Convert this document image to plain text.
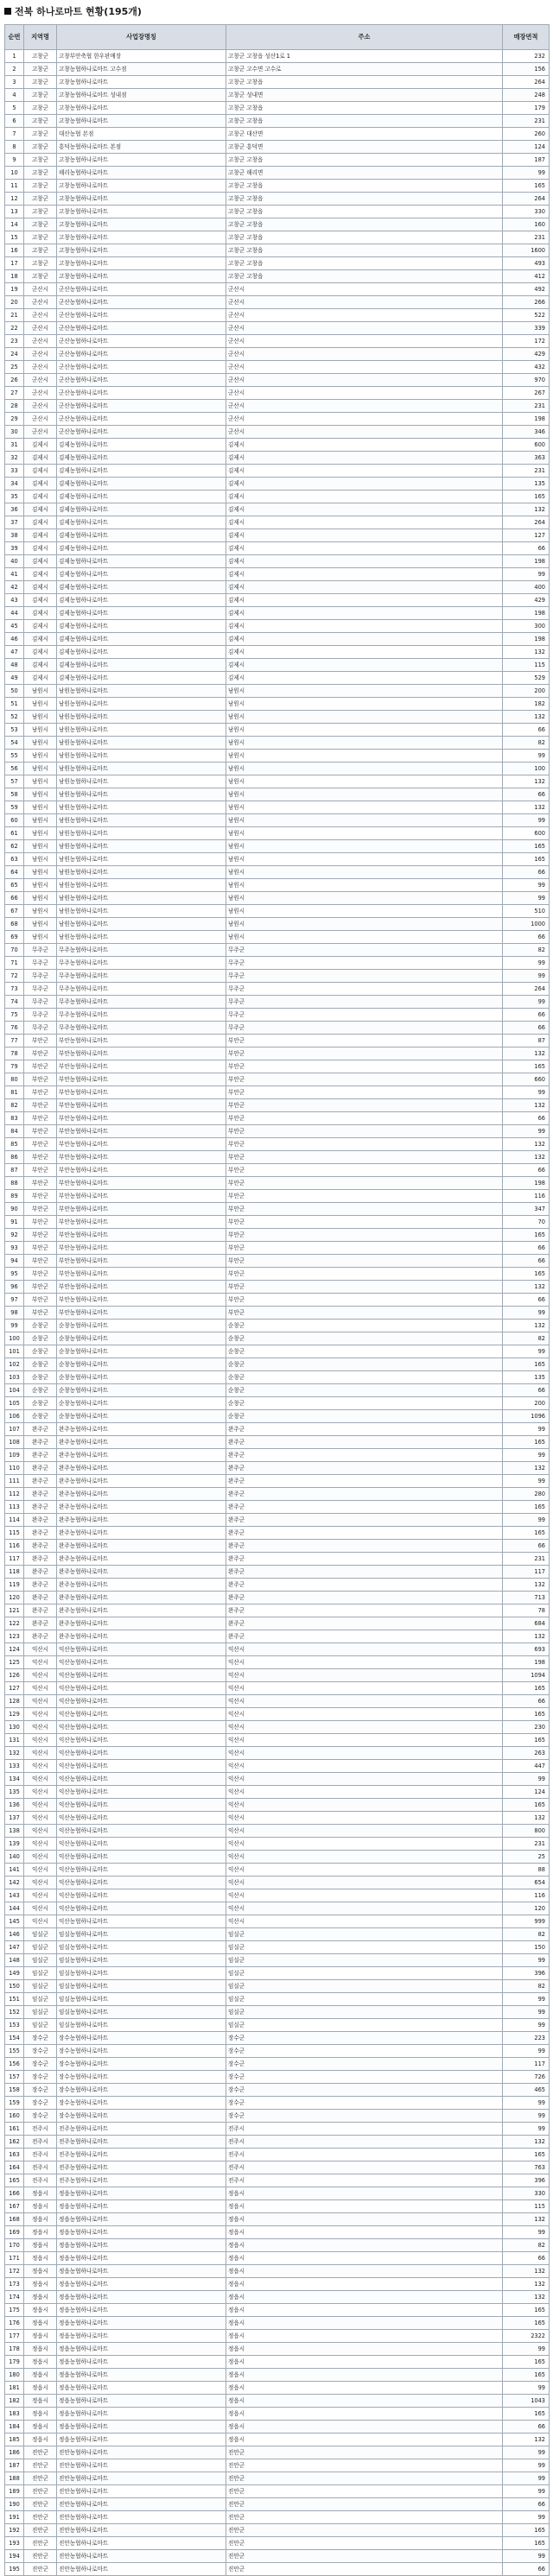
전북 하나로마트 현황(195개)
순번	지역명	사업장명칭	주소	매장면적
1	고창군	고창부안축협 한우판매장	고창군 고창읍 성산1로 1	232
2	고창군	고창농협하나로마트 고수점	고창군 고수면 고수로	156
3	고창군	고창농협하나로마트	고창군 고창읍	264
4	고창군	고창농협하나로마트 성내점	고창군 성내면	248
5	고창군	고창농협하나로마트	고창군 고창읍	179
6	고창군	고창농협하나로마트	고창군 고창읍	231
7	고창군	대산농협 본점	고창군 대산면	260
8	고창군	흥덕농협하나로마트 본점	고창군 흥덕면	124
9	고창군	고창농협하나로마트	고창군 고창읍	187
10	고창군	해리농협하나로마트	고창군 해리면	99
11	고창군	고창농협하나로마트	고창군 고창읍	165
12	고창군	고창농협하나로마트	고창군 고창읍	264
13	고창군	고창농협하나로마트	고창군 고창읍	330
14	고창군	고창농협하나로마트	고창군 고창읍	160
15	고창군	고창농협하나로마트	고창군 고창읍	231
16	고창군	고창농협하나로마트	고창군 고창읍	1600
17	고창군	고창농협하나로마트	고창군 고창읍	493
18	고창군	고창농협하나로마트	고창군 고창읍	412
19	군산시	군산농협하나로마트	군산시	492
20	군산시	군산농협하나로마트	군산시	266
21	군산시	군산농협하나로마트	군산시	522
22	군산시	군산농협하나로마트	군산시	339
23	군산시	군산농협하나로마트	군산시	172
24	군산시	군산농협하나로마트	군산시	429
25	군산시	군산농협하나로마트	군산시	432
26	군산시	군산농협하나로마트	군산시	970
27	군산시	군산농협하나로마트	군산시	267
28	군산시	군산농협하나로마트	군산시	231
29	군산시	군산농협하나로마트	군산시	198
30	군산시	군산농협하나로마트	군산시	346
31	김제시	김제농협하나로마트	김제시	600
32	김제시	김제농협하나로마트	김제시	363
33	김제시	김제농협하나로마트	김제시	231
34	김제시	김제농협하나로마트	김제시	135
35	김제시	김제농협하나로마트	김제시	165
36	김제시	김제농협하나로마트	김제시	132
37	김제시	김제농협하나로마트	김제시	264
38	김제시	김제농협하나로마트	김제시	127
39	김제시	김제농협하나로마트	김제시	66
40	김제시	김제농협하나로마트	김제시	198
41	김제시	김제농협하나로마트	김제시	99
42	김제시	김제농협하나로마트	김제시	400
43	김제시	김제농협하나로마트	김제시	429
44	김제시	김제농협하나로마트	김제시	198
45	김제시	김제농협하나로마트	김제시	300
46	김제시	김제농협하나로마트	김제시	198
47	김제시	김제농협하나로마트	김제시	132
48	김제시	김제농협하나로마트	김제시	115
49	김제시	김제농협하나로마트	김제시	529
50	남원시	남원농협하나로마트	남원시	200
51	남원시	남원농협하나로마트	남원시	182
52	남원시	남원농협하나로마트	남원시	132
53	남원시	남원농협하나로마트	남원시	66
54	남원시	남원농협하나로마트	남원시	82
55	남원시	남원농협하나로마트	남원시	99
56	남원시	남원농협하나로마트	남원시	100
57	남원시	남원농협하나로마트	남원시	132
58	남원시	남원농협하나로마트	남원시	66
59	남원시	남원농협하나로마트	남원시	132
60	남원시	남원농협하나로마트	남원시	99
61	남원시	남원농협하나로마트	남원시	600
62	남원시	남원농협하나로마트	남원시	165
63	남원시	남원농협하나로마트	남원시	165
64	남원시	남원농협하나로마트	남원시	66
65	남원시	남원농협하나로마트	남원시	99
66	남원시	남원농협하나로마트	남원시	99
67	남원시	남원농협하나로마트	남원시	510
68	남원시	남원농협하나로마트	남원시	1000
69	남원시	남원농협하나로마트	남원시	66
70	무주군	무주농협하나로마트	무주군	82
71	무주군	무주농협하나로마트	무주군	99
72	무주군	무주농협하나로마트	무주군	99
73	무주군	무주농협하나로마트	무주군	264
74	무주군	무주농협하나로마트	무주군	99
75	무주군	무주농협하나로마트	무주군	66
76	무주군	무주농협하나로마트	무주군	66
77	부안군	부안농협하나로마트	부안군	87
78	부안군	부안농협하나로마트	부안군	132
79	부안군	부안농협하나로마트	부안군	165
80	부안군	부안농협하나로마트	부안군	660
81	부안군	부안농협하나로마트	부안군	99
82	부안군	부안농협하나로마트	부안군	132
83	부안군	부안농협하나로마트	부안군	66
84	부안군	부안농협하나로마트	부안군	99
85	부안군	부안농협하나로마트	부안군	132
86	부안군	부안농협하나로마트	부안군	132
87	부안군	부안농협하나로마트	부안군	66
88	부안군	부안농협하나로마트	부안군	198
89	부안군	부안농협하나로마트	부안군	116
90	부안군	부안농협하나로마트	부안군	347
91	부안군	부안농협하나로마트	부안군	70
92	부안군	부안농협하나로마트	부안군	165
93	부안군	부안농협하나로마트	부안군	66
94	부안군	부안농협하나로마트	부안군	66
95	부안군	부안농협하나로마트	부안군	165
96	부안군	부안농협하나로마트	부안군	132
97	부안군	부안농협하나로마트	부안군	66
98	부안군	부안농협하나로마트	부안군	99
99	순창군	순창농협하나로마트	순창군	132
100	순창군	순창농협하나로마트	순창군	82
101	순창군	순창농협하나로마트	순창군	99
102	순창군	순창농협하나로마트	순창군	165
103	순창군	순창농협하나로마트	순창군	135
104	순창군	순창농협하나로마트	순창군	66
105	순창군	순창농협하나로마트	순창군	200
106	순창군	순창농협하나로마트	순창군	1096
107	완주군	완주농협하나로마트	완주군	99
108	완주군	완주농협하나로마트	완주군	165
109	완주군	완주농협하나로마트	완주군	99
110	완주군	완주농협하나로마트	완주군	132
111	완주군	완주농협하나로마트	완주군	99
112	완주군	완주농협하나로마트	완주군	280
113	완주군	완주농협하나로마트	완주군	165
114	완주군	완주농협하나로마트	완주군	99
115	완주군	완주농협하나로마트	완주군	165
116	완주군	완주농협하나로마트	완주군	66
117	완주군	완주농협하나로마트	완주군	231
118	완주군	완주농협하나로마트	완주군	117
119	완주군	완주농협하나로마트	완주군	132
120	완주군	완주농협하나로마트	완주군	713
121	완주군	완주농협하나로마트	완주군	78
122	완주군	완주농협하나로마트	완주군	684
123	완주군	완주농협하나로마트	완주군	132
124	익산시	익산농협하나로마트	익산시	693
125	익산시	익산농협하나로마트	익산시	198
126	익산시	익산농협하나로마트	익산시	1094
127	익산시	익산농협하나로마트	익산시	165
128	익산시	익산농협하나로마트	익산시	66
129	익산시	익산농협하나로마트	익산시	165
130	익산시	익산농협하나로마트	익산시	230
131	익산시	익산농협하나로마트	익산시	165
132	익산시	익산농협하나로마트	익산시	263
133	익산시	익산농협하나로마트	익산시	447
134	익산시	익산농협하나로마트	익산시	99
135	익산시	익산농협하나로마트	익산시	124
136	익산시	익산농협하나로마트	익산시	165
137	익산시	익산농협하나로마트	익산시	132
138	익산시	익산농협하나로마트	익산시	800
139	익산시	익산농협하나로마트	익산시	231
140	익산시	익산농협하나로마트	익산시	25
141	익산시	익산농협하나로마트	익산시	88
142	익산시	익산농협하나로마트	익산시	654
143	익산시	익산농협하나로마트	익산시	116
144	익산시	익산농협하나로마트	익산시	120
145	익산시	익산농협하나로마트	익산시	999
146	임실군	임실농협하나로마트	임실군	82
147	임실군	임실농협하나로마트	임실군	150
148	임실군	임실농협하나로마트	임실군	99
149	임실군	임실농협하나로마트	임실군	396
150	임실군	임실농협하나로마트	임실군	82
151	임실군	임실농협하나로마트	임실군	99
152	임실군	임실농협하나로마트	임실군	99
153	임실군	임실농협하나로마트	임실군	99
154	장수군	장수농협하나로마트	장수군	223
155	장수군	장수농협하나로마트	장수군	99
156	장수군	장수농협하나로마트	장수군	117
157	장수군	장수농협하나로마트	장수군	726
158	장수군	장수농협하나로마트	장수군	465
159	장수군	장수농협하나로마트	장수군	99
160	장수군	장수농협하나로마트	장수군	99
161	전주시	전주농협하나로마트	전주시	99
162	전주시	전주농협하나로마트	전주시	132
163	전주시	전주농협하나로마트	전주시	165
164	전주시	전주농협하나로마트	전주시	763
165	전주시	전주농협하나로마트	전주시	396
166	정읍시	정읍농협하나로마트	정읍시	330
167	정읍시	정읍농협하나로마트	정읍시	115
168	정읍시	정읍농협하나로마트	정읍시	132
169	정읍시	정읍농협하나로마트	정읍시	99
170	정읍시	정읍농협하나로마트	정읍시	82
171	정읍시	정읍농협하나로마트	정읍시	66
172	정읍시	정읍농협하나로마트	정읍시	132
173	정읍시	정읍농협하나로마트	정읍시	132
174	정읍시	정읍농협하나로마트	정읍시	132
175	정읍시	정읍농협하나로마트	정읍시	165
176	정읍시	정읍농협하나로마트	정읍시	165
177	정읍시	정읍농협하나로마트	정읍시	2322
178	정읍시	정읍농협하나로마트	정읍시	99
179	정읍시	정읍농협하나로마트	정읍시	165
180	정읍시	정읍농협하나로마트	정읍시	165
181	정읍시	정읍농협하나로마트	정읍시	99
182	정읍시	정읍농협하나로마트	정읍시	1043
183	정읍시	정읍농협하나로마트	정읍시	165
184	정읍시	정읍농협하나로마트	정읍시	66
185	정읍시	정읍농협하나로마트	정읍시	132
186	진안군	진안농협하나로마트	진안군	99
187	진안군	진안농협하나로마트	진안군	99
188	진안군	진안농협하나로마트	진안군	99
189	진안군	진안농협하나로마트	진안군	99
190	진안군	진안농협하나로마트	진안군	66
191	진안군	진안농협하나로마트	진안군	99
192	진안군	진안농협하나로마트	진안군	165
193	진안군	진안농협하나로마트	진안군	165
194	진안군	진안농협하나로마트	진안군	99
195	진안군	진안농협하나로마트	진안군	66
